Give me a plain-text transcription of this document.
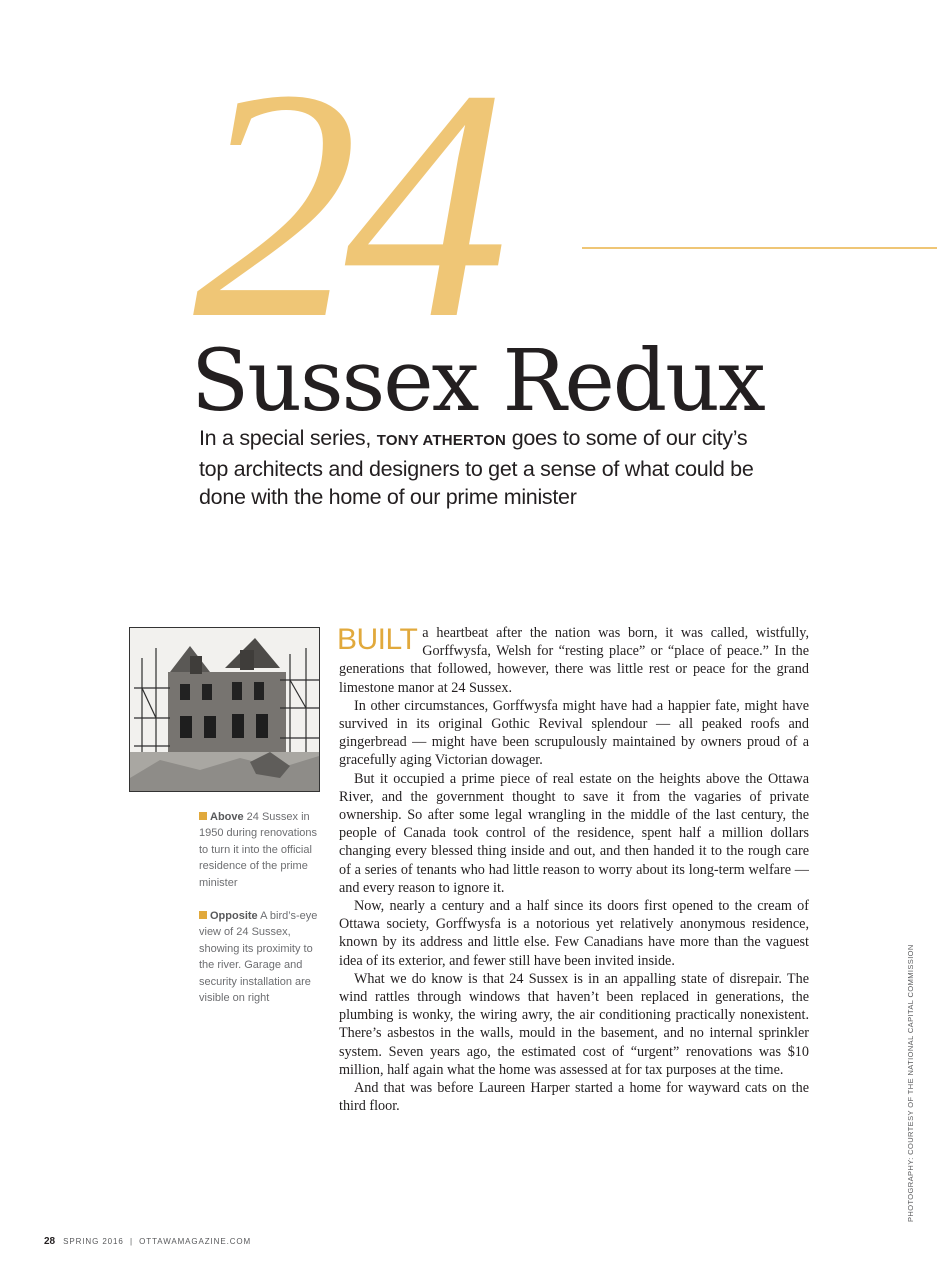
24
Sussex Redux
In a special series, TONY ATHERTON goes to some of our city’s top architects and designers to get a sense of what could be done with the home of our prime minister

Above 24 Sussex in 1950 during renovations to turn it into the official residence of the prime minister

Opposite A bird’s-eye view of 24 Sussex, showing its proximity to the river. Garage and security installation are visible on right

BUILT a heartbeat after the nation was born, it was called, wistfully, Gorffwysfa, Welsh for “resting place” or “place of peace.” In the generations that followed, however, there was little rest or peace for the grand limestone manor at 24 Sussex.

In other circumstances, Gorffwysfa might have had a happier fate, might have survived in its original Gothic Revival splendour — all peaked roofs and gingerbread — might have been scrupulously maintained by owners proud of a gracefully aging Victorian dowager.

But it occupied a prime piece of real estate on the heights above the Ottawa River, and the government thought to save it from the vagaries of private ownership. So after some legal wrangling in the middle of the last century, the people of Canada took control of the residence, spent half a million dollars changing every blessed thing inside and out, and then handed it to the rough care of a series of tenants who had little reason to worry about its long-term welfare — and every reason to ignore it.

Now, nearly a century and a half since its doors first opened to the cream of Ottawa society, Gorffwysfa is a notorious yet relatively anonymous residence, known by its address and little else. Few Canadians have more than the vaguest idea of its exterior, and fewer still have been invited inside.

What we do know is that 24 Sussex is in an appalling state of disrepair. The wind rattles through windows that haven’t been replaced in generations, the plumbing is wonky, the wiring awry, the air conditioning practically nonexistent. There’s asbestos in the walls, mould in the basement, and no internal sprinkler system. Seven years ago, the estimated cost of “urgent” renovations was $10 million, half again what the home was assessed at for tax purposes at the time.

And that was before Laureen Harper started a home for wayward cats on the third floor.	PHOTOGRAPHY: COURTESY OF THE NATIONAL CAPITAL COMMISSION
28 SPRING 2016  |  OTTAWAMAGAZINE.COM
